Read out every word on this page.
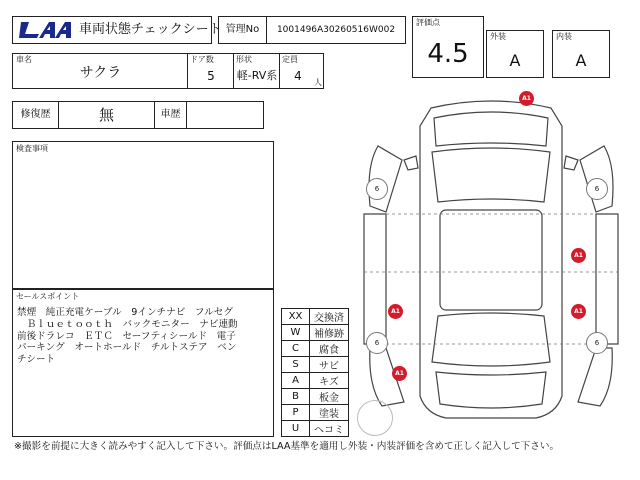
車両状態チェックシート 管理No	1001496A30260516W002
評価点
4.5
外装
A
内装
A
車名
サクラ
ドア数
5
形状
軽-RV系
定員
4	人
修復歴	無	車歴
検査事項
セールスポイント
禁煙　純正充電ケーブル　9インチナビ　フルセグ
　Ｂｌｕｅｔｏｏｔｈ　バックモニター　ナビ連動
前後ドラレコ　ＥＴＣ　セーフティシールド　電子
パーキング　オートホールド　チルトステア　ベン
チシート
XX	交換済
W	補修跡
C	腐食
S	サビ
A	キズ
B	板金
P	塗装
U	ヘコミ
6	6
6	6
A1
A1
A1	A1
A1
※撮影を前提に大きく読みやすく記入して下さい。評価点はLAA基準を適用し外装・内装評価を含めて正しく記入して下さい。
